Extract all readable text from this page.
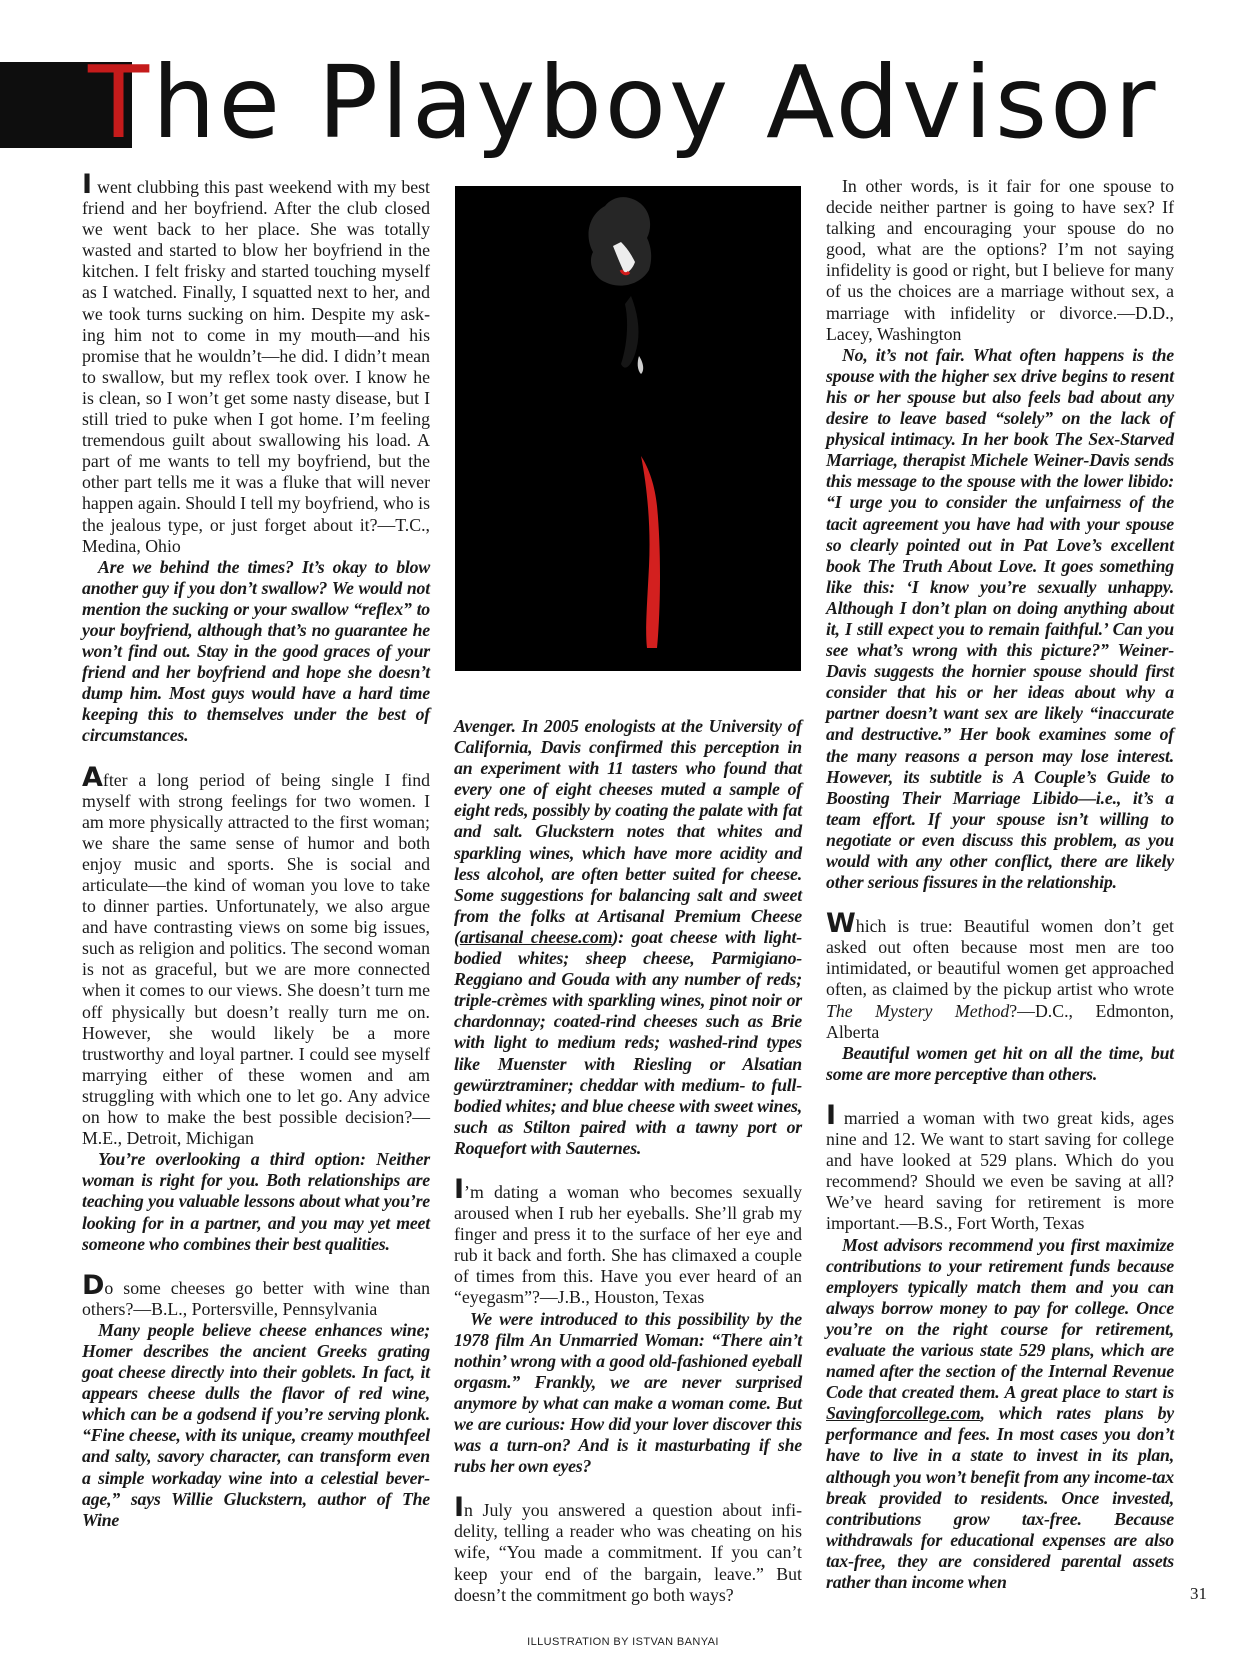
The Playboy Advisor

I went clubbing this past weekend with my best friend and her boyfriend. After the club closed we went back to her place. She was totally wasted and started to blow her boyfriend in the kitchen. I felt frisky and started touching myself as I watched. Finally, I squatted next to her, and we took turns sucking on him. Despite my asking him not to come in my mouth—and his promise that he wouldn’t—he did. I didn’t mean to swallow, but my reflex took over. I know he is clean, so I won’t get some nasty disease, but I still tried to puke when I got home. I’m feeling tremendous guilt about swallowing his load. A part of me wants to tell my boyfriend, but the other part tells me it was a fluke that will never happen again. Should I tell my boyfriend, who is the jealous type, or just forget about it?—T.C., Medina, Ohio

Are we behind the times? It’s okay to blow another guy if you don’t swallow? We would not mention the sucking or your swallow “reflex” to your boyfriend, although that’s no guarantee he won’t find out. Stay in the good graces of your friend and her boyfriend and hope she doesn’t dump him. Most guys would have a hard time keeping this to themselves under the best of circumstances.

After a long period of being single I find myself with strong feelings for two women. I am more physically attracted to the first woman; we share the same sense of humor and both enjoy music and sports. She is social and articulate—the kind of woman you love to take to dinner parties. Unfortunately, we also argue and have contrasting views on some big issues, such as religion and politics. The second woman is not as graceful, but we are more connected when it comes to our views. She doesn’t turn me off physically but doesn’t really turn me on. However, she would likely be a more trustworthy and loyal partner. I could see myself marrying either of these women and am struggling with which one to let go. Any advice on how to make the best possible decision?—M.E., Detroit, Michigan

You’re overlooking a third option: Neither woman is right for you. Both relationships are teaching you valuable lessons about what you’re looking for in a partner, and you may yet meet someone who combines their best qualities.

Do some cheeses go better with wine than others?—B.L., Portersville, Pennsylvania

Many people believe cheese enhances wine; Homer describes the ancient Greeks grating goat cheese directly into their goblets. In fact, it appears cheese dulls the flavor of red wine, which can be a godsend if you’re serving plonk. “Fine cheese, with its unique, creamy mouthfeel and salty, savory character, can transform even a simple workaday wine into a celestial beverage,” says Willie Gluckstern, author of The Wine

Avenger. In 2005 enologists at the University of California, Davis confirmed this perception in an experiment with 11 tasters who found that every one of eight cheeses muted a sample of eight reds, possibly by coating the palate with fat and salt. Gluckstern notes that whites and sparkling wines, which have more acidity and less alcohol, are often better suited for cheese. Some suggestions for balancing salt and sweet from the folks at Artisanal Premium Cheese (artisanal cheese.com): goat cheese with light-bodied whites; sheep cheese, Parmigiano-Reggiano and Gouda with any number of reds; triple-crèmes with sparkling wines, pinot noir or chardonnay; coated-rind cheeses such as Brie with light to medium reds; washed-rind types like Muenster with Riesling or Alsatian gewürztraminer; cheddar with medium- to full-bodied whites; and blue cheese with sweet wines, such as Stilton paired with a tawny port or Roquefort with Sauternes.

I’m dating a woman who becomes sexually aroused when I rub her eyeballs. She’ll grab my finger and press it to the surface of her eye and rub it back and forth. She has climaxed a couple of times from this. Have you ever heard of an “eyegasm”?—J.B., Houston, Texas

We were introduced to this possibility by the 1978 film An Unmarried Woman: “There ain’t nothin’ wrong with a good old-fashioned eyeball orgasm.” Frankly, we are never surprised anymore by what can make a woman come. But we are curious: How did your lover discover this was a turn-on? And is it masturbating if she rubs her own eyes?

In July you answered a question about infidelity, telling a reader who was cheating on his wife, “You made a commitment. If you can’t keep your end of the bargain, leave.” But doesn’t the commitment go both ways?

In other words, is it fair for one spouse to decide neither partner is going to have sex? If talking and encouraging your spouse do no good, what are the options? I’m not saying infidelity is good or right, but I believe for many of us the choices are a marriage without sex, a marriage with infidelity or divorce.—D.D., Lacey, Washington

No, it’s not fair. What often happens is the spouse with the higher sex drive begins to resent his or her spouse but also feels bad about any desire to leave based “solely” on the lack of physical intimacy. In her book The Sex-Starved Marriage, therapist Michele Weiner-Davis sends this message to the spouse with the lower libido: “I urge you to consider the unfairness of the tacit agreement you have had with your spouse so clearly pointed out in Pat Love’s excellent book The Truth About Love. It goes something like this: ‘I know you’re sexually unhappy. Although I don’t plan on doing anything about it, I still expect you to remain faithful.’ Can you see what’s wrong with this picture?” Weiner-Davis suggests the hornier spouse should first consider that his or her ideas about why a partner doesn’t want sex are likely “inaccurate and destructive.” Her book examines some of the many reasons a person may lose interest. However, its subtitle is A Couple’s Guide to Boosting Their Marriage Libido—i.e., it’s a team effort. If your spouse isn’t willing to negotiate or even discuss this problem, as you would with any other conflict, there are likely other serious fissures in the relationship.

Which is true: Beautiful women don’t get asked out often because most men are too intimidated, or beautiful women get approached often, as claimed by the pickup artist who wrote The Mystery Method?—D.C., Edmonton, Alberta

Beautiful women get hit on all the time, but some are more perceptive than others.

I married a woman with two great kids, ages nine and 12. We want to start saving for college and have looked at 529 plans. Which do you recommend? Should we even be saving at all? We’ve heard saving for retirement is more important.—B.S., Fort Worth, Texas

Most advisors recommend you first maximize contributions to your retirement funds because employers typically match them and you can always borrow money to pay for college. Once you’re on the right course for retirement, evaluate the various state 529 plans, which are named after the section of the Internal Revenue Code that created them. A great place to start is Savingforcollege.com, which rates plans by performance and fees. In most cases you don’t have to live in a state to invest in its plan, although you won’t benefit from any income-tax break provided to residents. Once invested, contributions grow tax-free. Because withdrawals for educational expenses are also tax-free, they are considered parental assets rather than income when

31
ILLUSTRATION BY ISTVAN BANYAI
